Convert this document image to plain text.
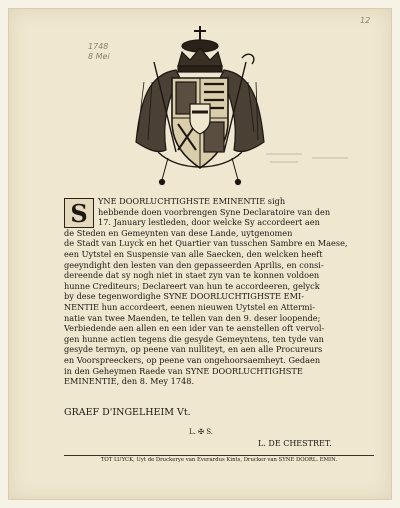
1748
8 Mei
12
S	YNE DOORLUCHTIGHSTE EMINENTIE sigh
hebbende doen voorbrengen Syne Declaratoire van den
17. January lestleden, door welcke Sy accordeert aen
de Steden en Gemeynten van dese Lande, uytgenomen
de Stadt van Luyck en het Quartier van tusschen Sambre en Maese,
een Uytstel en Suspensie van alle Saecken, den welcken heeft
geeyndight den lesten van den gepasseerden Aprilis, en consi-
dereende dat sy nogh niet in staet zyn van te konnen voldoen
hunne Crediteurs; Declareert van hun te accordeeren, gelyck
by dese tegenwordighe SYNE DOORLUCHTIGHSTE EMI-
NENTIE hun accordeert, eenen nieuwen Uytstel en Attermi-
natie van twee Maenden, te tellen van den 9. deser loopende;
Verbiedende aen allen en een ider van te aenstellen oft vervol-
gen hunne actien tegens die gesyde Gemeyntens, ten tyde van
gesyde termyn, op peene van nulliteyt, en aen alle Procureurs
en Voorspreeckers, op peene van ongehoorsaemheyt. Gedaen
in den Geheymen Raede van SYNE DOORLUCHTIGHSTE
EMINENTIE, den 8. Mey 1748.
GRAEF D'INGELHEIM Vt.
L. ✠ S.
L. DE CHESTRET.
TOT LUYCK, Uyt de Druckerye van Everardus Kints, Drucker van SYNE DOORL. EMIN.
